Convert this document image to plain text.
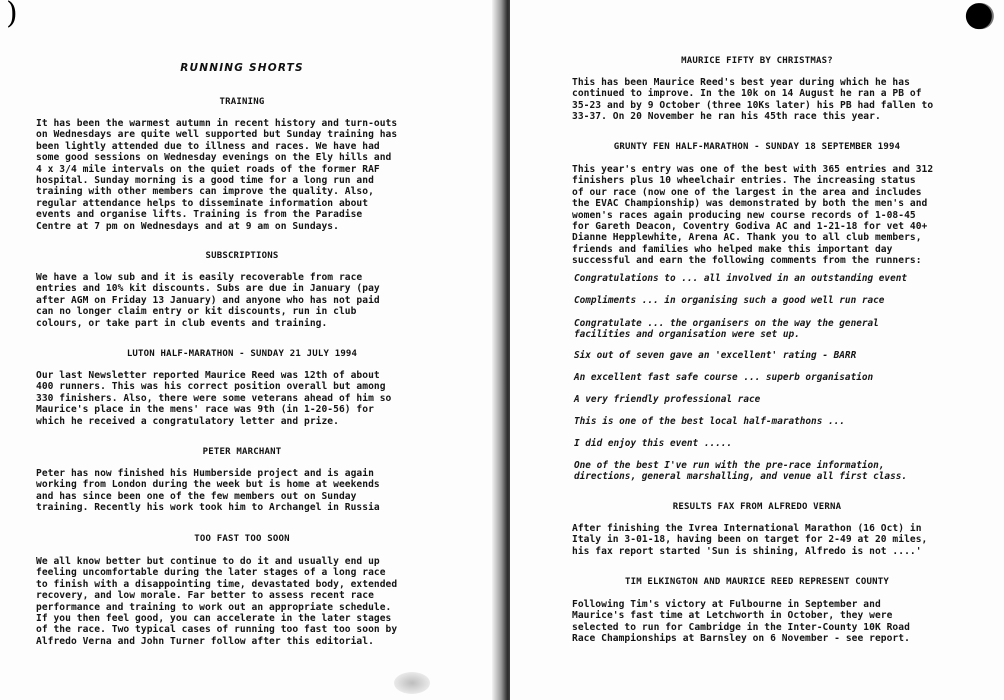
RUNNING SHORTS
TRAINING
It has been the warmest autumn in recent history and turn-outs
on Wednesdays are quite well supported but Sunday training has
been lightly attended due to illness and races. We have had
some good sessions on Wednesday evenings on the Ely hills and
4 x 3/4 mile intervals on the quiet roads of the former RAF
hospital. Sunday morning is a good time for a long run and
training with other members can improve the quality. Also,
regular attendance helps to disseminate information about
events and organise lifts. Training is from the Paradise
Centre at 7 pm on Wednesdays and at 9 am on Sundays.
SUBSCRIPTIONS
We have a low sub and it is easily recoverable from race
entries and 10% kit discounts. Subs are due in January (pay
after AGM on Friday 13 January) and anyone who has not paid
can no longer claim entry or kit discounts, run in club
colours, or take part in club events and training.
LUTON HALF-MARATHON - SUNDAY 21 JULY 1994
Our last Newsletter reported Maurice Reed was 12th of about
400 runners. This was his correct position overall but among
330 finishers. Also, there were some veterans ahead of him so
Maurice's place in the mens' race was 9th (in 1-20-56) for
which he received a congratulatory letter and prize.
PETER MARCHANT
Peter has now finished his Humberside project and is again
working from London during the week but is home at weekends
and has since been one of the few members out on Sunday
training. Recently his work took him to Archangel in Russia
TOO FAST TOO SOON
We all know better but continue to do it and usually end up
feeling uncomfortable during the later stages of a long race
to finish with a disappointing time, devastated body, extended
recovery, and low morale. Far better to assess recent race
performance and training to work out an appropriate schedule.
If you then feel good, you can accelerate in the later stages
of the race. Two typical cases of running too fast too soon by
Alfredo Verna and John Turner follow after this editorial.
MAURICE FIFTY BY CHRISTMAS?
This has been Maurice Reed's best year during which he has
continued to improve. In the 10k on 14 August he ran a PB of
35-23 and by 9 October (three 10Ks later) his PB had fallen to
33-37. On 20 November he ran his 45th race this year.
GRUNTY FEN HALF-MARATHON - SUNDAY 18 SEPTEMBER 1994
This year's entry was one of the best with 365 entries and 312
finishers plus 10 wheelchair entries. The increasing status
of our race (now one of the largest in the area and includes
the EVAC Championship) was demonstrated by both the men's and
women's races again producing new course records of 1-08-45
for Gareth Deacon, Coventry Godiva AC and 1-21-18 for vet 40+
Dianne Hepplewhite, Arena AC. Thank you to all club members,
friends and families who helped make this important day
successful and earn the following comments from the runners:
RESULTS FAX FROM ALFREDO VERNA
After finishing the Ivrea International Marathon (16 Oct) in
Italy in 3-01-18, having been on target for 2-49 at 20 miles,
his fax report started 'Sun is shining, Alfredo is not ....'
TIM ELKINGTON AND MAURICE REED REPRESENT COUNTY
Following Tim's victory at Fulbourne in September and
Maurice's fast time at Letchworth in October, they were
selected to run for Cambridge in the Inter-County 10K Road
Race Championships at Barnsley on 6 November - see report.
Congratulations to ... all involved in an outstanding event
Compliments ... in organising such a good well run race
Congratulate ... the organisers on the way the general
facilities and organisation were set up.
Six out of seven gave an 'excellent' rating - BARR
An excellent fast safe course ... superb organisation
A very friendly professional race
This is one of the best local half-marathons ...
I did enjoy this event .....
One of the best I've run with the pre-race information,
directions, general marshalling, and venue all first class.
)	●
